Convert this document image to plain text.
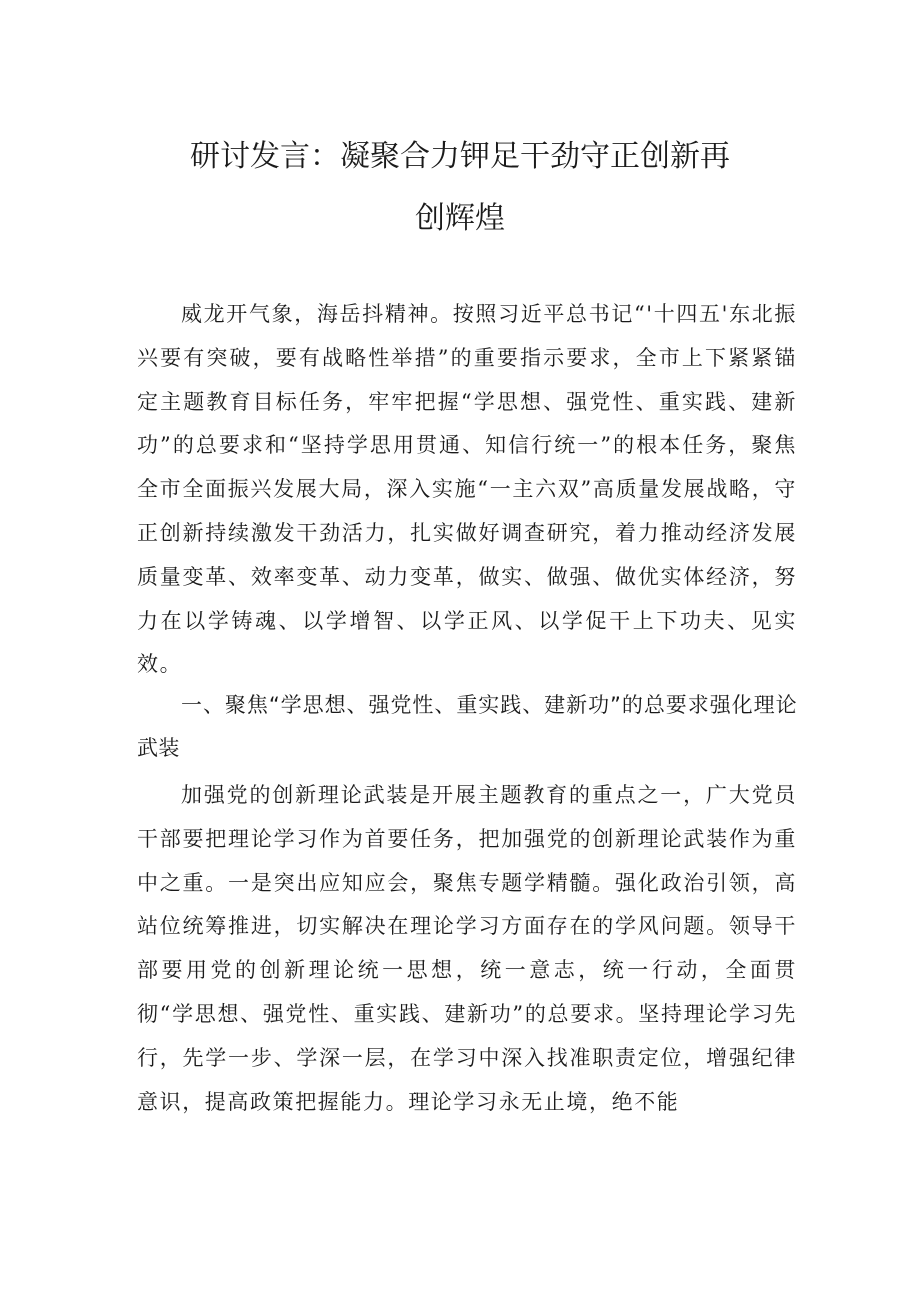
研讨发言：凝聚合力钾足干劲守正创新再
创辉煌

威龙开气象，海岳抖精神。按照习近平总书记“'十四五'东北振兴要有突破，要有战略性举措”的重要指示要求，全市上下紧紧锚定主题教育目标任务，牢牢把握“学思想、强党性、重实践、建新功”的总要求和“坚持学思用贯通、知信行统一”的根本任务，聚焦全市全面振兴发展大局，深入实施“一主六双”高质量发展战略，守正创新持续激发干劲活力，扎实做好调查研究，着力推动经济发展质量变革、效率变革、动力变革，做实、做强、做优实体经济，努力在以学铸魂、以学增智、以学正风、以学促干上下功夫、见实效。

一、聚焦“学思想、强党性、重实践、建新功”的总要求强化理论武装

加强党的创新理论武装是开展主题教育的重点之一，广大党员干部要把理论学习作为首要任务，把加强党的创新理论武装作为重中之重。一是突出应知应会，聚焦专题学精髓。强化政治引领，高站位统筹推进，切实解决在理论学习方面存在的学风问题。领导干部要用党的创新理论统一思想，统一意志，统一行动，全面贯彻“学思想、强党性、重实践、建新功”的总要求。坚持理论学习先行，先学一步、学深一层，在学习中深入找准职责定位，增强纪律意识，提高政策把握能力。理论学习永无止境，绝不能
